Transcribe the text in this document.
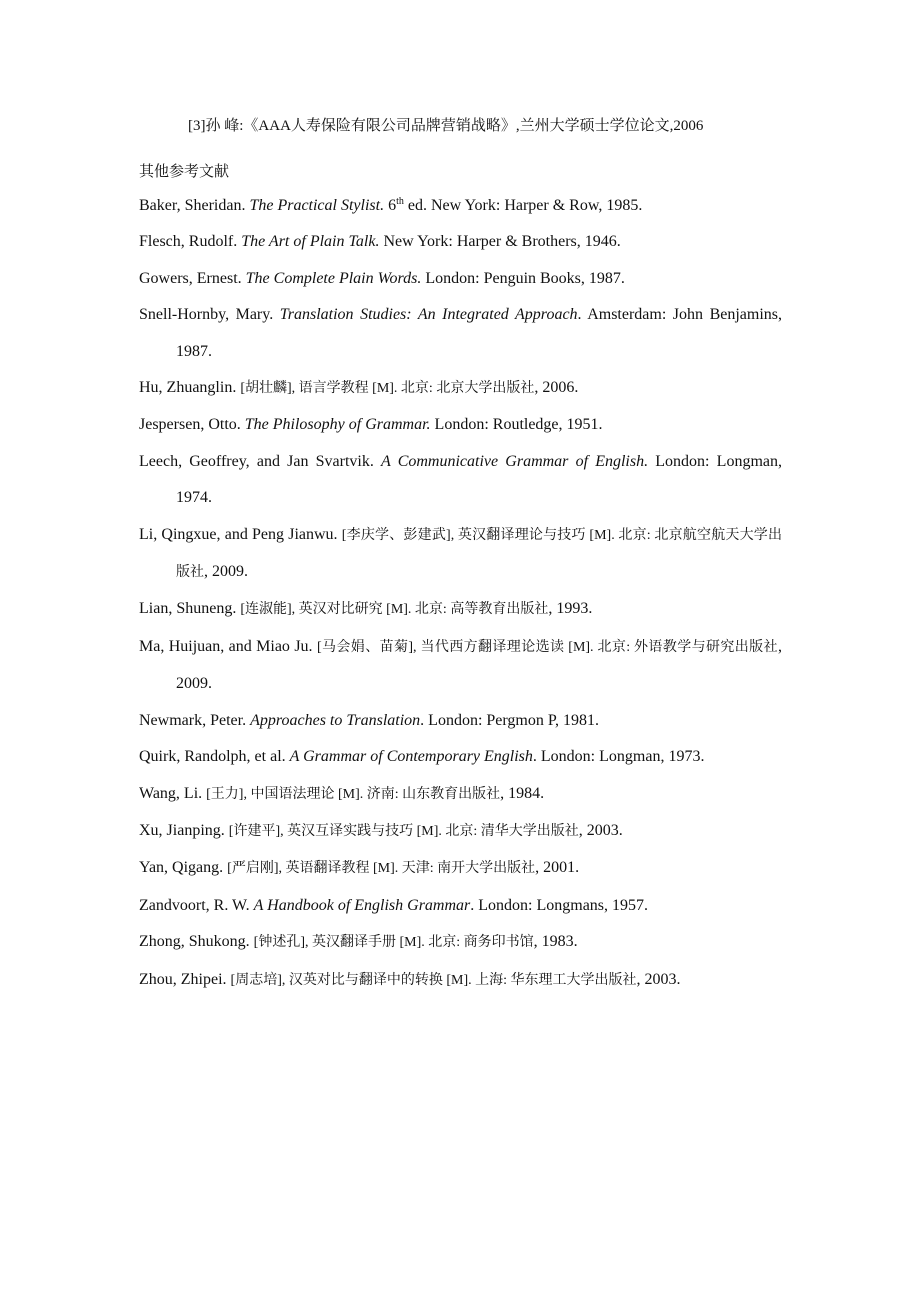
[3]孙 峰:《AAA人寿保险有限公司品牌营销战略》,兰州大学硕士学位论文,2006
其他参考文献
Baker, Sheridan. The Practical Stylist. 6th ed. New York: Harper & Row, 1985.
Flesch, Rudolf. The Art of Plain Talk. New York: Harper & Brothers, 1946.
Gowers, Ernest. The Complete Plain Words. London: Penguin Books, 1987.
Snell-Hornby, Mary. Translation Studies: An Integrated Approach. Amsterdam: John Benjamins, 1987.
Hu, Zhuanglin. [胡壮麟], 语言学教程 [M]. 北京: 北京大学出版社, 2006.
Jespersen, Otto. The Philosophy of Grammar. London: Routledge, 1951.
Leech, Geoffrey, and Jan Svartvik. A Communicative Grammar of English. London: Longman, 1974.
Li, Qingxue, and Peng Jianwu. [李庆学、彭建武], 英汉翻译理论与技巧 [M]. 北京: 北京航空航天大学出版社, 2009.
Lian, Shuneng. [连淑能], 英汉对比研究 [M]. 北京: 高等教育出版社, 1993.
Ma, Huijuan, and Miao Ju. [马会娟、苗菊], 当代西方翻译理论选读 [M]. 北京: 外语教学与研究出版社, 2009.
Newmark, Peter. Approaches to Translation. London: Pergmon P, 1981.
Quirk, Randolph, et al. A Grammar of Contemporary English. London: Longman, 1973.
Wang, Li. [王力], 中国语法理论 [M]. 济南: 山东教育出版社, 1984.
Xu, Jianping. [许建平], 英汉互译实践与技巧 [M]. 北京: 清华大学出版社, 2003.
Yan, Qigang. [严启刚], 英语翻译教程 [M]. 天津: 南开大学出版社, 2001.
Zandvoort, R. W. A Handbook of English Grammar. London: Longmans, 1957.
Zhong, Shukong. [钟述孔], 英汉翻译手册 [M]. 北京: 商务印书馆, 1983.
Zhou, Zhipei. [周志培], 汉英对比与翻译中的转换 [M]. 上海: 华东理工大学出版社, 2003.
